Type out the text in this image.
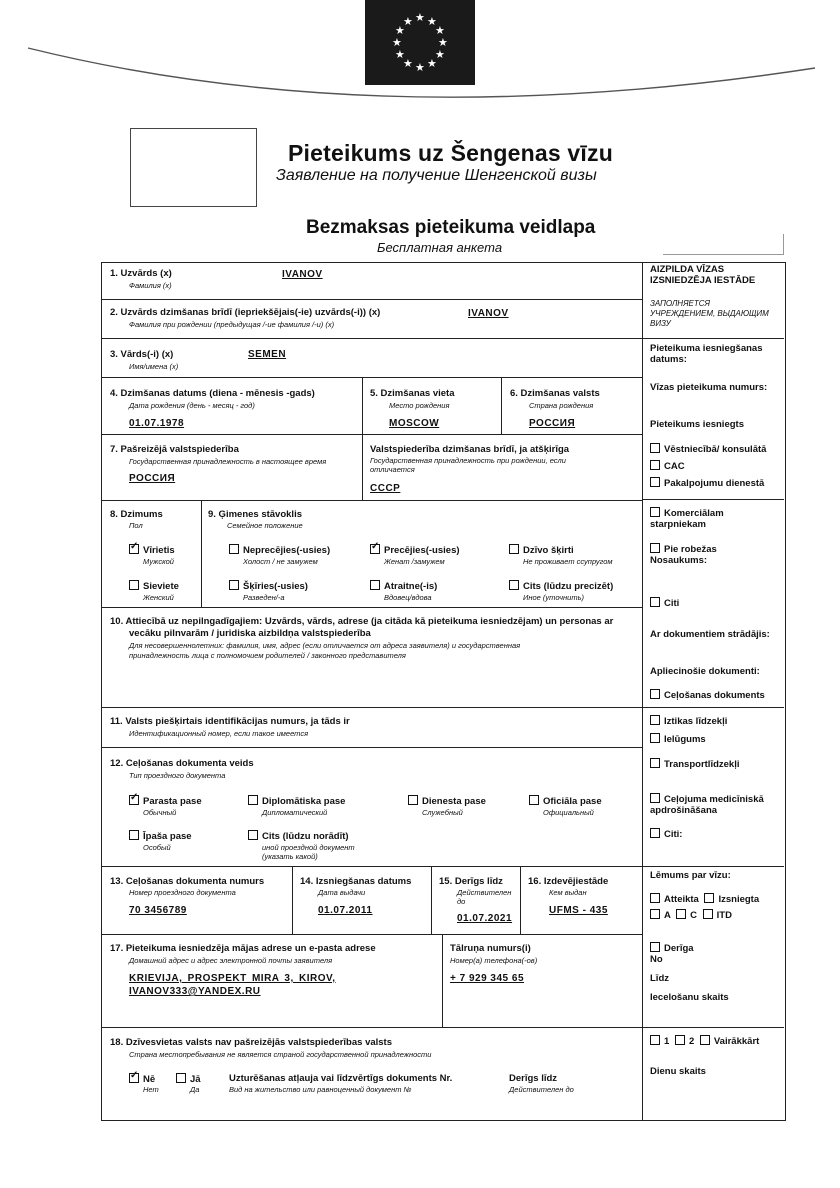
★ ★
★
★
★
★
★
★
★
★
★
★
Pieteikums uz Šengenas vīzu
Заявление на получение Шенгенской визы
Bezmaksas pieteikuma veidlapa
Бесплатная анкета
1. Uzvārds (x)
Фамилия (x)
IVANOV
2. Uzvārds dzimšanas brīdī (iepriekšējais(-ie) uzvārds(-i)) (x)
Фамилия при рождении (предыдущая /-ие фамилия /-и) (x)
IVANOV
3. Vārds(-i) (x)
Имя/имена (x)
SEMEN
4. Dzimšanas datums (diena - mēnesis -gads)
Дата рождения (день - месяц - год)
01.07.1978
5. Dzimšanas vieta
Место рождения
MOSCOW
6. Dzimšanas valsts
Страна рождения
РОССИЯ
7. Pašreizējā valstspiederība
Государственная принадлежность в настоящее время
РОССИЯ
Valstspiederība dzimšanas brīdī, ja atšķirīga
Государственная принадлежность при рождении, если
отличается
СССР
8. Dzimums
Пол
✓Vīrietis
Мужской
Sieviete
Женский
9. Ģimenes stāvoklis
Семейное положение
Neprecējies(-usies)
Холост / не замужем
✓Precējies(-usies)
Женат /замужем
Dzīvo šķirti
Не проживает ссупругом
Šķīries(-usies)
Разведен/-а
Atraitne(-is)
Вдовец/вдова
Cits (lūdzu precizēt)
Иное (уточнить)
10. Attiecībā uz nepilngadīgajiem: Uzvārds, vārds, adrese (ja citāda kā pieteikuma iesniedzējam) un personas ar
vecāku pilnvarām / juridiska aizbildņa valstspiederība
Для несовершеннолетних: фамилия, имя, адрес (если отличается от адреса заявителя) и государственная
принадлежность лица с полномочием родителей / законного представителя
11. Valsts piešķirtais identifikācijas numurs, ja tāds ir
Идентификационный номер, если такое имеется
12. Ceļošanas dokumenta veids
Тип проездного документа
✓Parasta pase
Обычный
Diplomātiska pase
Дипломатический
Dienesta pase
Служебный
Oficiāla pase
Официальный
Īpaša pase
Особый
Cits (lūdzu norādīt)
иной проездной документ
(указать какой)
13. Ceļošanas dokumenta numurs
Номер проездного документа
70 3456789
14. Izsniegšanas datums
Дата выдачи
01.07.2011
15. Derīgs līdz
Действителен
до
01.07.2021
16. Izdevējiestāde
Кем выдан
UFMS - 435
17. Pieteikuma iesniedzēja mājas adrese un e-pasta adrese
Домашний адрес и адрес электронной почты заявителя
KRIEVIJA, PROSPEKT MIRA 3, KIROV,
IVANOV333@YANDEX.RU
Tālruņa numurs(i)
Номер(а) телефона(-ов)
+ 7 929 345 65
18. Dzīvesvietas valsts nav pašreizējās valstspiederības valsts
Страна местопребывания не является страной государственной принадлежности
✓Nē
Нет
Jā
Да
Uzturēšanas atļauja vai līdzvērtīgs dokuments Nr.
Вид на жительство или равноценный документ №
Derīgs līdz
Действителен до
AIZPILDA VĪZAS
IZSNIEDZĒJA IESTĀDE
ЗАПОЛНЯЕТСЯ
УЧРЕЖДЕНИЕМ, ВЫДАЮЩИМ
ВИЗУ
Pieteikuma iesniegšanas
datums:
Vīzas pieteikuma numurs:
Pieteikums iesniegts
Vēstniecībā/ konsulātā
CAC
Pakalpojumu dienestā
Komerciālam
starpniekam
Pie robežas
Nosaukums:
Citi
Ar dokumentiem strādājis:
Apliecinošie dokumenti:
Ceļošanas dokuments
Iztikas līdzekļi
Ielūgums
Transportlīdzekļi
Ceļojuma medicīniskā
apdrošināšana
Citi:
Lēmums par vīzu:
Atteikta Izsniegta
A C ITD
Derīga
No
Līdz
Iecelošanu skaits
1 2 Vairākkārt
Dienu skaits
